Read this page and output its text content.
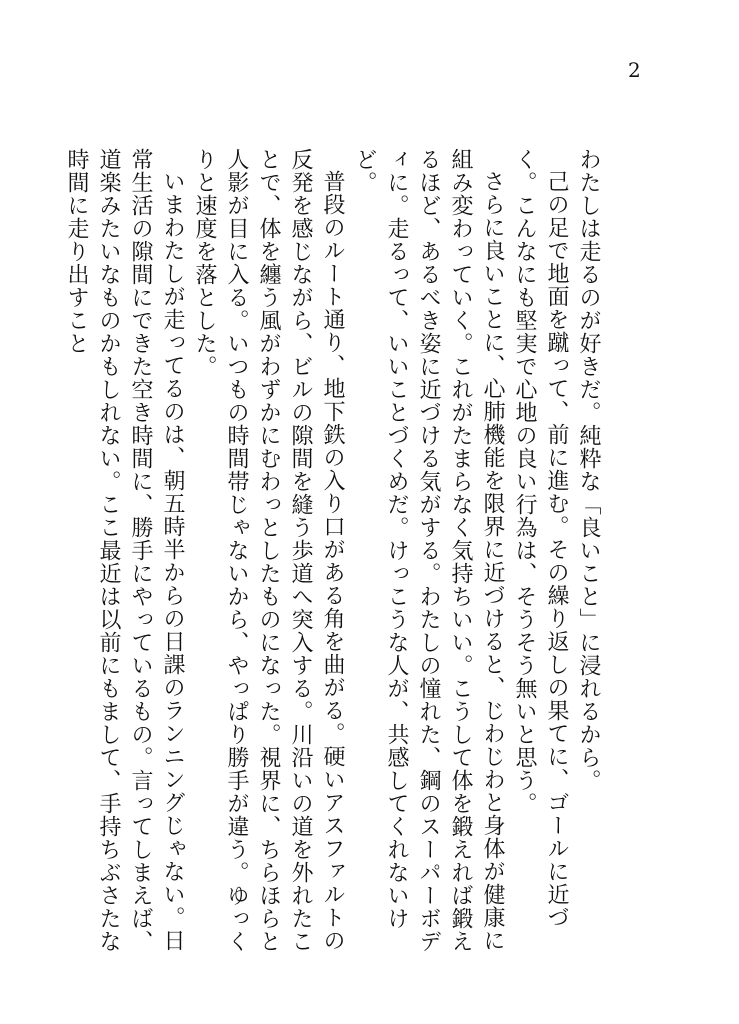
2

わたしは走るのが好きだ。純粋な「良いこと」に浸れるから。

己の足で地面を蹴って、前に進む。その繰り返しの果てに、ゴールに近づく。こんなにも堅実で心地の良い行為は、そうそう無いと思う。

さらに良いことに、心肺機能を限界に近づけると、じわじわと身体が健康に組み変わっていく。これがたまらなく気持ちいい。こうして体を鍛えれば鍛えるほど、あるべき姿に近づける気がする。わたしの憧れた、鋼のスーパーボディに。走るって、いいことづくめだ。けっこうな人が、共感してくれないけど。

普段のルート通り、地下鉄の入り口がある角を曲がる。硬いアスファルトの反発を感じながら、ビルの隙間を縫う歩道へ突入する。川沿いの道を外れたことで、体を纏う風がわずかにむわっとしたものになった。視界に、ちらほらと人影が目に入る。いつもの時間帯じゃないから、やっぱり勝手が違う。ゆっくりと速度を落とした。

いまわたしが走ってるのは、朝五時半からの日課のランニングじゃない。日常生活の隙間にできた空き時間に、勝手にやっているもの。言ってしまえば、道楽みたいなものかもしれない。ここ最近は以前にもまして、手持ちぶさたな時間に走り出すこと
